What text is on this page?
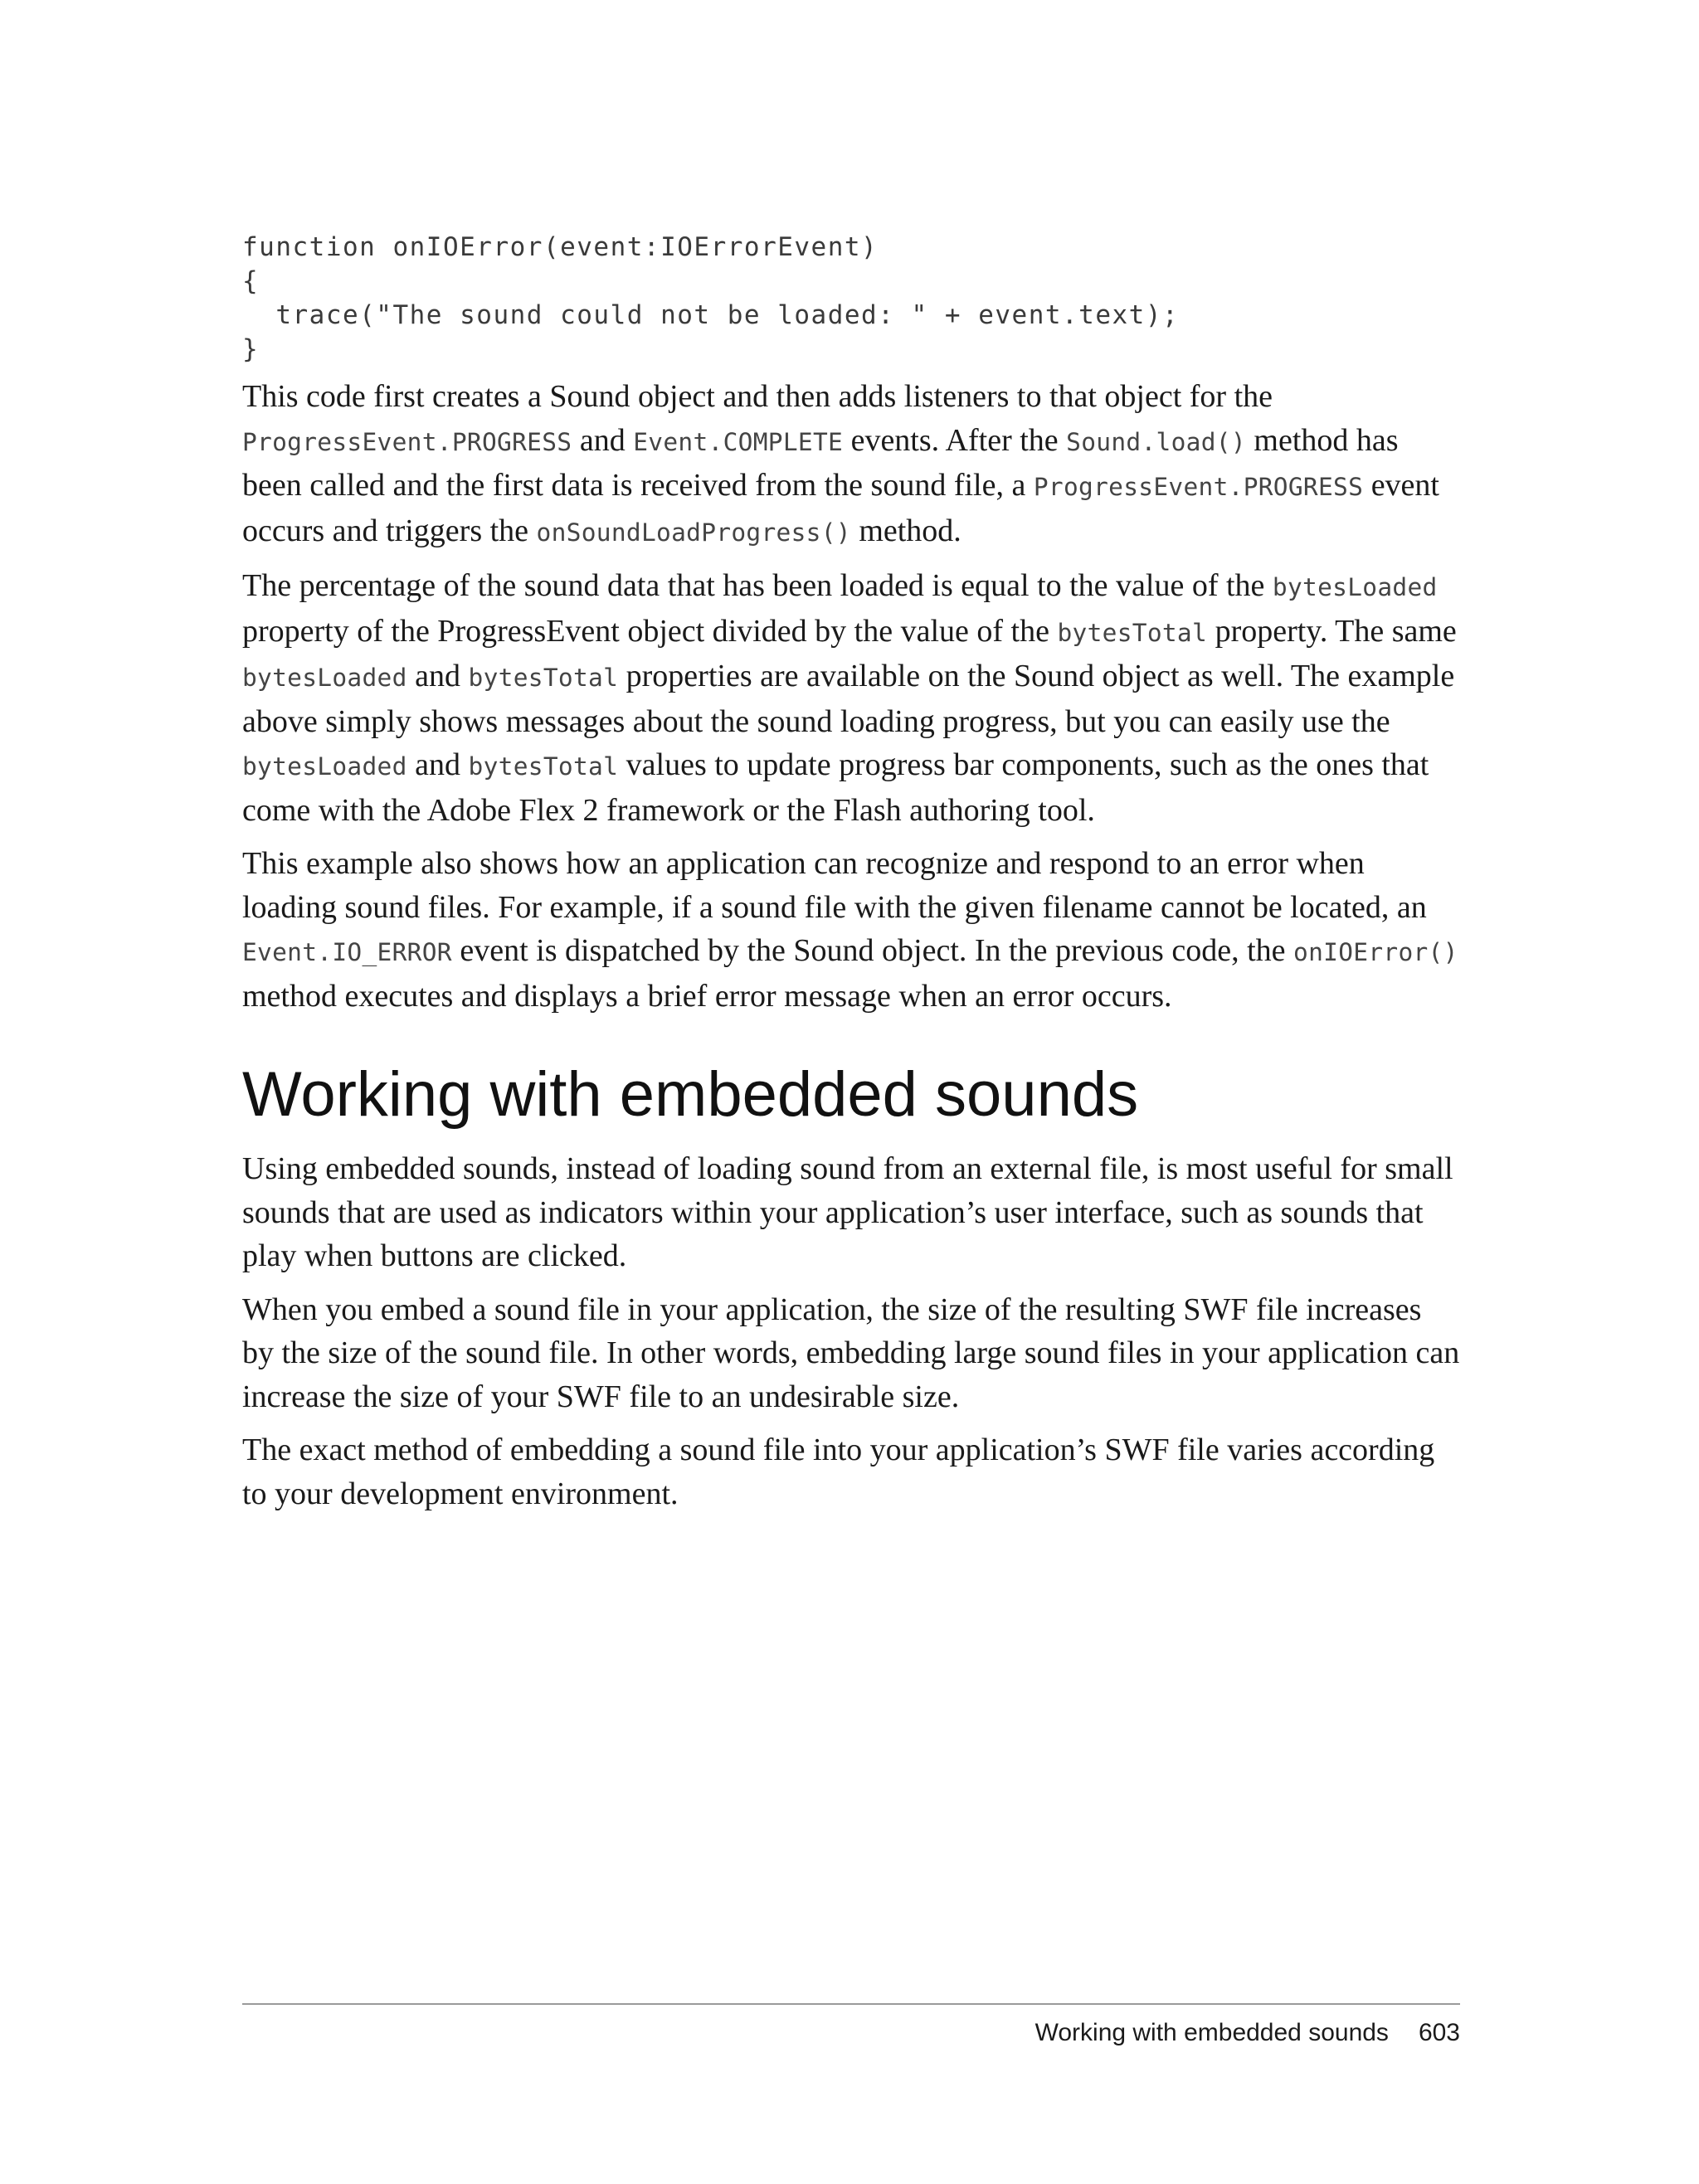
function onIOError(event:IOErrorEvent)
{
trace("The sound could not be loaded: " + event.text);
}

This code first creates a Sound object and then adds listeners to that object for the ProgressEvent.PROGRESS and Event.COMPLETE events. After the Sound.load() method has been called and the first data is received from the sound file, a ProgressEvent.PROGRESS event occurs and triggers the onSoundLoadProgress() method.

The percentage of the sound data that has been loaded is equal to the value of the bytesLoaded property of the ProgressEvent object divided by the value of the bytesTotal property. The same bytesLoaded and bytesTotal properties are available on the Sound object as well. The example above simply shows messages about the sound loading progress, but you can easily use the bytesLoaded and bytesTotal values to update progress bar components, such as the ones that come with the Adobe Flex 2 framework or the Flash authoring tool.

This example also shows how an application can recognize and respond to an error when loading sound files. For example, if a sound file with the given filename cannot be located, an Event.IO_ERROR event is dispatched by the Sound object. In the previous code, the onIOError() method executes and displays a brief error message when an error occurs.

Working with embedded sounds

Using embedded sounds, instead of loading sound from an external file, is most useful for small sounds that are used as indicators within your application’s user interface, such as sounds that play when buttons are clicked.

When you embed a sound file in your application, the size of the resulting SWF file increases by the size of the sound file. In other words, embedding large sound files in your application can increase the size of your SWF file to an undesirable size.

The exact method of embedding a sound file into your application’s SWF file varies according to your development environment.

Working with embedded sounds 603
